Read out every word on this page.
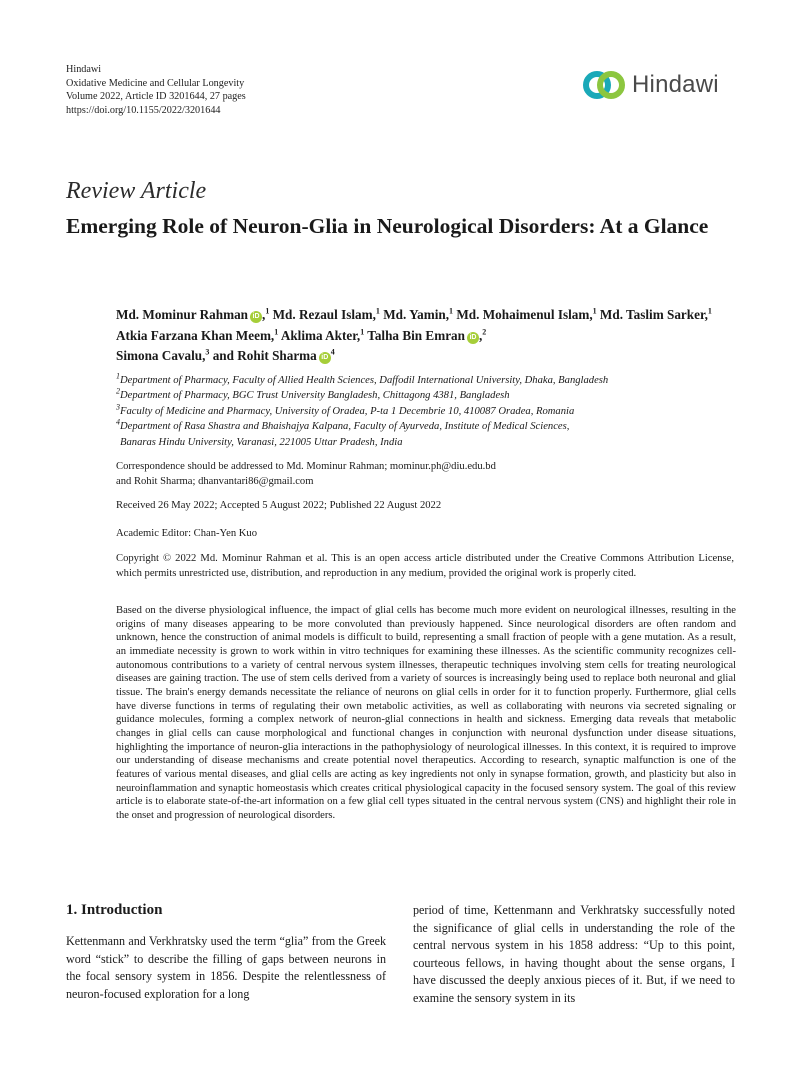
Hindawi
Oxidative Medicine and Cellular Longevity
Volume 2022, Article ID 3201644, 27 pages
https://doi.org/10.1155/2022/3201644
Hindawi
Review Article
Emerging Role of Neuron-Glia in Neurological Disorders: At a Glance
Md. Mominur Rahman iD ,$^1$ Md. Rezaul Islam,$^1$ Md. Yamin,$^1$ Md. Mohaimenul Islam,$^1$ Md. Taslim Sarker,$^1$ Atkia Farzana Khan Meem,$^1$ Aklima Akter,$^1$ Talha Bin Emran iD ,$^2$
Simona Cavalu,$^3$ and Rohit Sharma $iD^4$
$^1$Department of Pharmacy, Faculty of Allied Health Sciences, Daffodil International University, Dhaka, Bangladesh
$^2$Department of Pharmacy, BGC Trust University Bangladesh, Chittagong 4381, Bangladesh
$^3$Faculty of Medicine and Pharmacy, University of Oradea, P-ta 1 Decembrie 10, 410087 Oradea, Romania
$^4$Department of Rasa Shastra and Bhaishajya Kalpana, Faculty of Ayurveda, Institute of Medical Sciences,
Banaras Hindu University, Varanasi, 221005 Uttar Pradesh, India
Correspondence should be addressed to Md. Mominur Rahman; mominur.ph@diu.edu.bd
and Rohit Sharma; dhanvantari86@gmail.com
Received 26 May 2022; Accepted 5 August 2022; Published 22 August 2022
Academic Editor: Chan-Yen Kuo
Copyright © 2022 Md. Mominur Rahman et al. This is an open access article distributed under the Creative Commons Attribution License, which permits unrestricted use, distribution, and reproduction in any medium, provided the original work is properly cited.
Based on the diverse physiological influence, the impact of glial cells has become much more evident on neurological illnesses, resulting in the origins of many diseases appearing to be more convoluted than previously happened. Since neurological disorders are often random and unknown, hence the construction of animal models is difficult to build, representing a small fraction of people with a gene mutation. As a result, an immediate necessity is grown to work within in vitro techniques for examining these illnesses. As the scientific community recognizes cell-autonomous contributions to a variety of central nervous system illnesses, therapeutic techniques involving stem cells for treating neurological diseases are gaining traction. The use of stem cells derived from a variety of sources is increasingly being used to replace both neuronal and glial tissue. The brain's energy demands necessitate the reliance of neurons on glial cells in order for it to function properly. Furthermore, glial cells have diverse functions in terms of regulating their own metabolic activities, as well as collaborating with neurons via secreted signaling or guidance molecules, forming a complex network of neuron-glial connections in health and sickness. Emerging data reveals that metabolic changes in glial cells can cause morphological and functional changes in conjunction with neuronal dysfunction under disease situations, highlighting the importance of neuron-glia interactions in the pathophysiology of neurological illnesses. In this context, it is required to improve our understanding of disease mechanisms and create potential novel therapeutics. According to research, synaptic malfunction is one of the features of various mental diseases, and glial cells are acting as key ingredients not only in synapse formation, growth, and plasticity but also in neuroinflammation and synaptic homeostasis which creates critical physiological capacity in the focused sensory system. The goal of this review article is to elaborate state-of-the-art information on a few glial cell types situated in the central nervous system (CNS) and highlight their role in the onset and progression of neurological disorders.
1. Introduction
Kettenmann and Verkhratsky used the term “glia” from the Greek word “stick” to describe the filling of gaps between neurons in the focal sensory system in 1856. Despite the relentlessness of neuron-focused exploration for a long
period of time, Kettenmann and Verkhratsky successfully noted the significance of glial cells in understanding the role of the central nervous system in his 1858 address: “Up to this point, courteous fellows, in having thought about the sense organs, I have discussed the deeply anxious pieces of it. But, if we need to examine the sensory system in its
